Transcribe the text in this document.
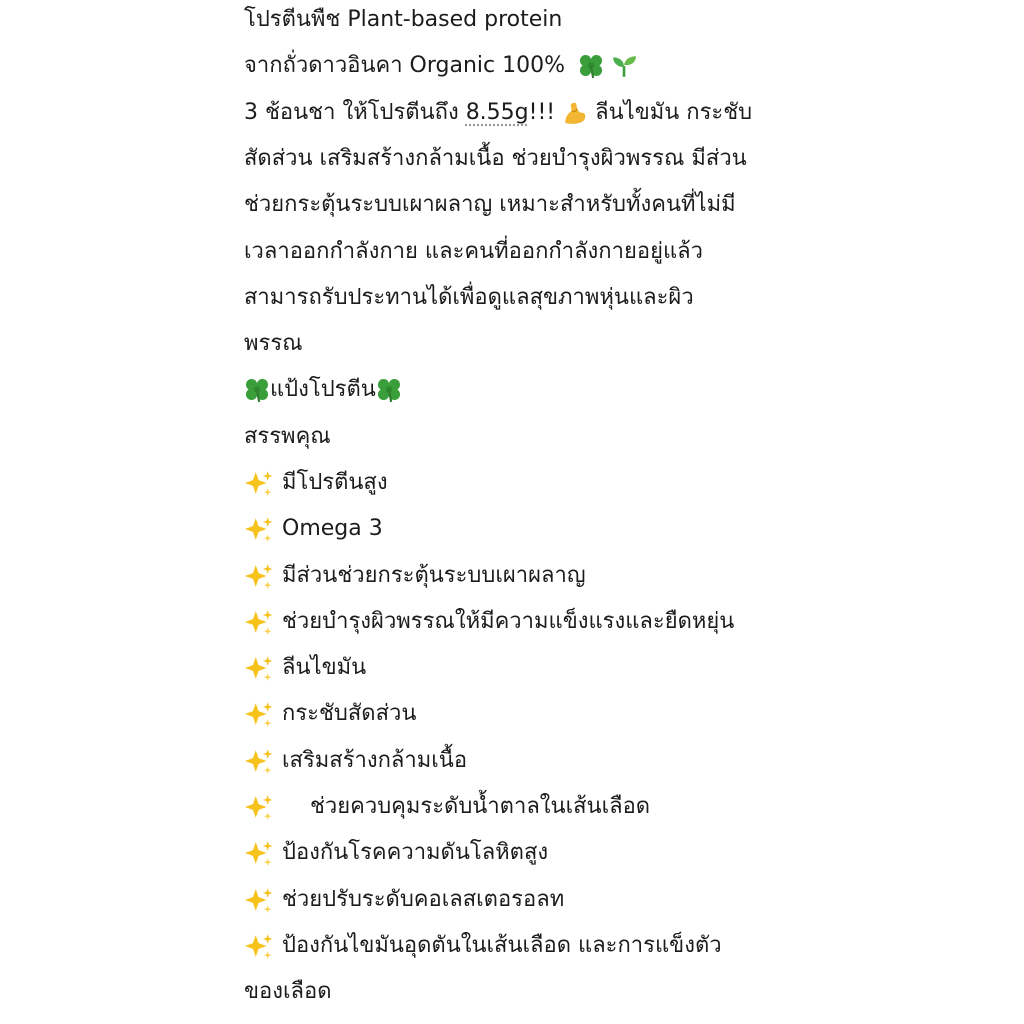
โปรตีนพืช Plant-based protein
จากถั่วดาวอินคา Organic 100%
3 ช้อนชา ให้โปรตีนถึง 8.55g!!! ลีนไขมัน กระชับ
สัดส่วน เสริมสร้างกล้ามเนื้อ ช่วยบำรุงผิวพรรณ มีส่วน
ช่วยกระตุ้นระบบเผาผลาญ เหมาะสำหรับทั้งคนที่ไม่มี
เวลาออกกำลังกาย และคนที่ออกกำลังกายอยู่แล้ว
สามารถรับประทานได้เพื่อดูแลสุขภาพหุ่นและผิว
พรรณ
แป้งโปรตีน
สรรพคุณ
มีโปรตีนสูง
Omega 3
มีส่วนช่วยกระตุ้นระบบเผาผลาญ
ช่วยบำรุงผิวพรรณให้มีความแข็งแรงและยืดหยุ่น
ลีนไขมัน
กระชับสัดส่วน
เสริมสร้างกล้ามเนื้อ
ช่วยควบคุมระดับน้ำตาลในเส้นเลือด
ป้องกันโรคความดันโลหิตสูง
ช่วยปรับระดับคอเลสเตอรอลท
ป้องกันไขมันอุดตันในเส้นเลือด และการแข็งตัว
ของเลือด
